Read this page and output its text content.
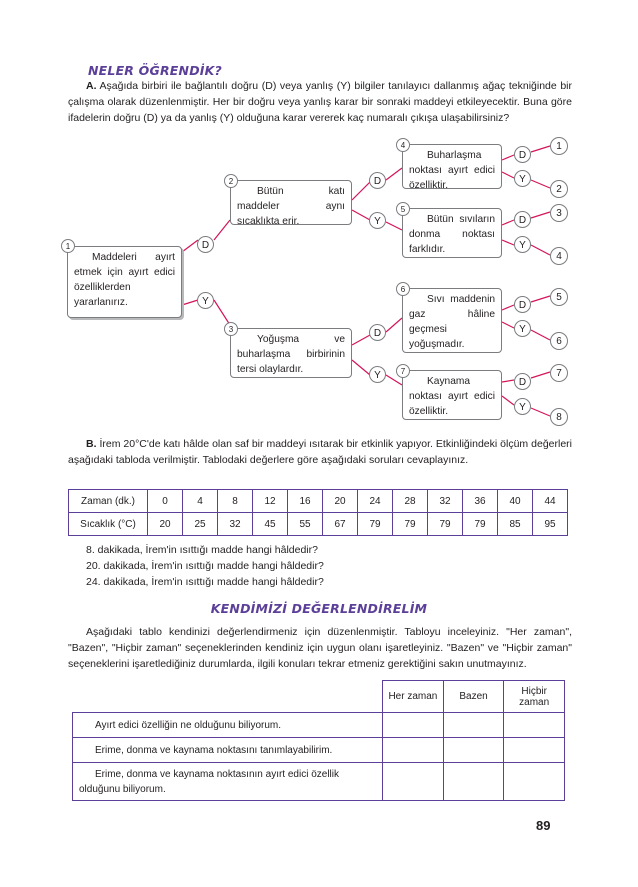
NELER ÖĞRENDİK?
A. Aşağıda birbiri ile bağlantılı doğru (D) veya yanlış (Y) bilgiler tanılayıcı dallanmış ağaç tekniğinde bir çalışma olarak düzenlenmiştir. Her bir doğru veya yanlış karar bir sonraki maddeyi etkileyecektir. Buna göre ifadelerin doğru (D) ya da yanlış (Y) olduğuna karar vererek kaç numaralı çıkışa ulaşabilirsiniz?
Maddeleri ayırt etmek için ayırt edici özelliklerden yararlanırız.
1
Bütün katı maddeler aynı sıcaklıkta erir.
2
Yoğuşma ve buharlaşma birbirinin tersi olaylardır.
3
Buharlaşma noktası ayırt edici özelliktir.
4
Bütün sıvıların donma noktası farklıdır.
5
Sıvı maddenin gaz hâline geçmesi yoğuşmadır.
6
Kaynama noktası ayırt edici özelliktir.
7
D
Y
D
Y
D
Y
D
Y
D
Y
D
Y
D
Y
1
2
3
4
5
6
7
8
B. İrem 20°C'de katı hâlde olan saf bir maddeyi ısıtarak bir etkinlik yapıyor. Etkinliğindeki ölçüm değerleri aşağıdaki tabloda verilmiştir. Tablodaki değerlere göre aşağıdaki soruları cevaplayınız.
Zaman (dk.)	0	4	8	12	16	20	24	28	32	36	40	44
Sıcaklık (°C)	20	25	32	45	55	67	79	79	79	79	85	95
8. dakikada, İrem'in ısıttığı madde hangi hâldedir?
20. dakikada, İrem'in ısıttığı madde hangi hâldedir?
24. dakikada, İrem'in ısıttığı madde hangi hâldedir?
KENDİMİZİ DEĞERLENDİRELİM
Aşağıdaki tablo kendinizi değerlendirmeniz için düzenlenmiştir. Tabloyu inceleyiniz. "Her zaman", "Bazen", "Hiçbir zaman" seçeneklerinden kendiniz için uygun olanı işaretleyiniz. "Bazen" ve "Hiçbir zaman" seçeneklerini işaretlediğiniz durumlarda, ilgili konuları tekrar etmeniz gerektiğini sakın unutmayınız.
	Her zaman	Bazen	Hiçbir zaman
Ayırt edici özelliğin ne olduğunu biliyorum.			
Erime, donma ve kaynama noktasını tanımlayabilirim.			
Erime, donma ve kaynama noktasının ayırt edici özellik olduğunu biliyorum.			
89
